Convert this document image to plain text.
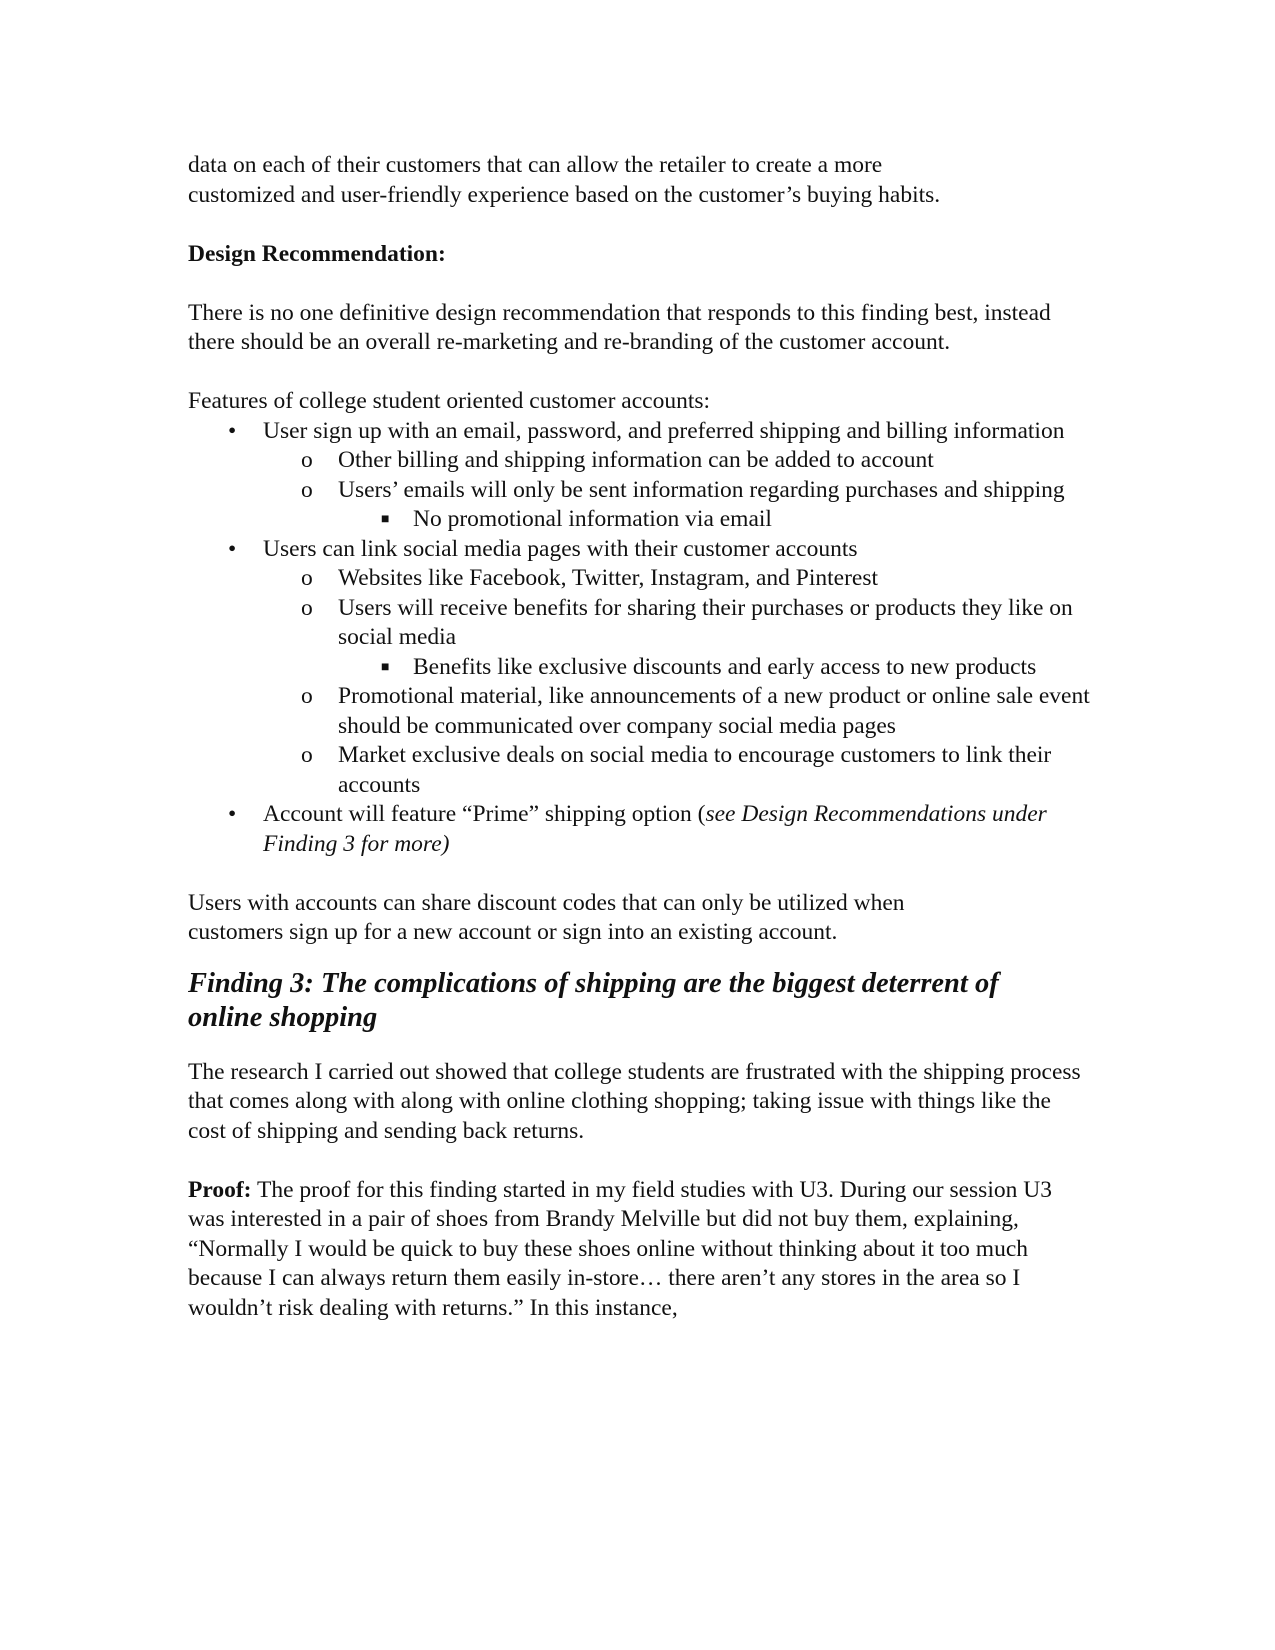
data on each of their customers that can allow the retailer to create a more

customized and user-friendly experience based on the customer’s buying habits.

Design Recommendation:

There is no one definitive design recommendation that responds to this finding best, instead there should be an overall re-marketing and re-branding of the customer account.

Features of college student oriented customer accounts:

• User sign up with an email, password, and preferred shipping and billing information
o Other billing and shipping information can be added to account
o Users’ emails will only be sent information regarding purchases and shipping
■ No promotional information via email
• Users can link social media pages with their customer accounts
o Websites like Facebook, Twitter, Instagram, and Pinterest
o Users will receive benefits for sharing their purchases or products they like on social media
■ Benefits like exclusive discounts and early access to new products
o Promotional material, like announcements of a new product or online sale event should be communicated over company social media pages
o Market exclusive deals on social media to encourage customers to link their accounts
• Account will feature “Prime” shipping option (see Design Recommendations under Finding 3 for more)

Users with accounts can share discount codes that can only be utilized when customers sign up for a new account or sign into an existing account.

Finding 3: The complications of shipping are the biggest deterrent of online shopping

The research I carried out showed that college students are frustrated with the shipping process that comes along with along with online clothing shopping; taking issue with things like the cost of shipping and sending back returns.

Proof: The proof for this finding started in my field studies with U3. During our session U3 was interested in a pair of shoes from Brandy Melville but did not buy them, explaining, “Normally I would be quick to buy these shoes online without thinking about it too much because I can always return them easily in-store… there aren’t any stores in the area so I wouldn’t risk dealing with returns.” In this instance,
